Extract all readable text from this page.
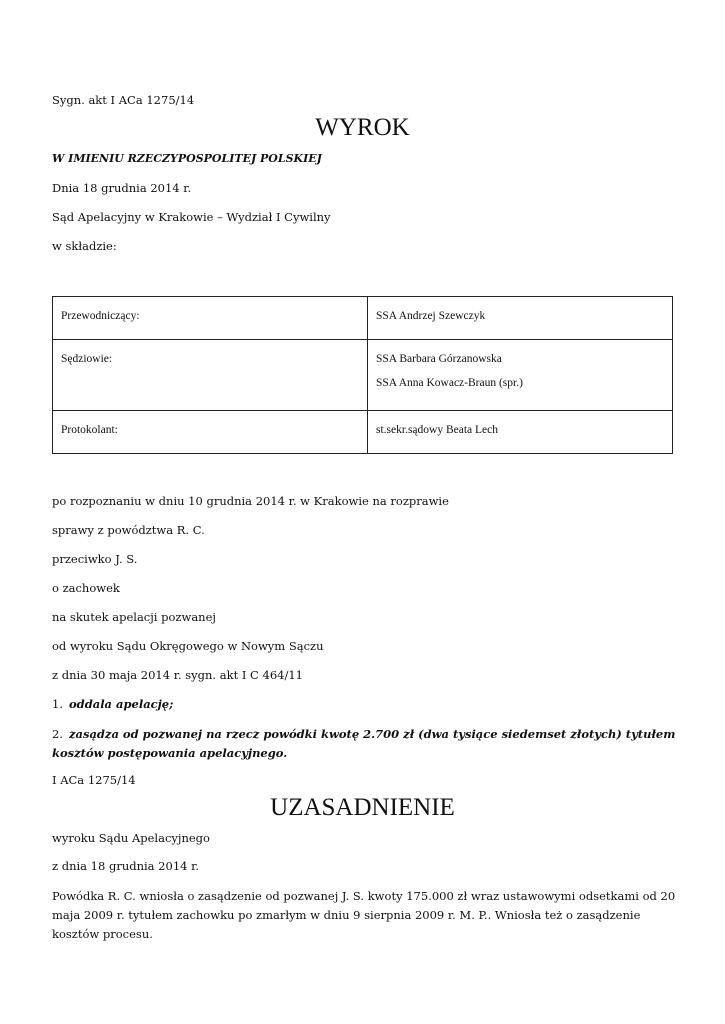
Sygn. akt I ACa 1275/14
WYROK
W IMIENIU RZECZYPOSPOLITEJ POLSKIEJ
Dnia 18 grudnia 2014 r.
Sąd Apelacyjny w Krakowie – Wydział I Cywilny
w składzie:
Przewodniczący:	SSA Andrzej Szewczyk

Sędziowie:	SSA Barbara Górzanowska
SSA Anna Kowacz-Braun (spr.)

Protokolant:	st.sekr.sądowy Beata Lech
po rozpoznaniu w dniu 10 grudnia 2014 r. w Krakowie na rozprawie
sprawy z powództwa R. C.
przeciwko J. S.
o zachowek
na skutek apelacji pozwanej
od wyroku Sądu Okręgowego w Nowym Sączu
z dnia 30 maja 2014 r. sygn. akt I C 464/11
1. oddala apelację;
2. zasądza od pozwanej na rzecz powódki kwotę 2.700 zł (dwa tysiące siedemset złotych) tytułem kosztów postępowania apelacyjnego.
I ACa 1275/14
UZASADNIENIE
wyroku Sądu Apelacyjnego
z dnia 18 grudnia 2014 r.
Powódka R. C. wniosła o zasądzenie od pozwanej J. S. kwoty 175.000 zł wraz ustawowymi odsetkami od 20 maja 2009 r. tytułem zachowku po zmarłym w dniu 9 sierpnia 2009 r. M. P.. Wniosła też o zasądzenie kosztów procesu.
